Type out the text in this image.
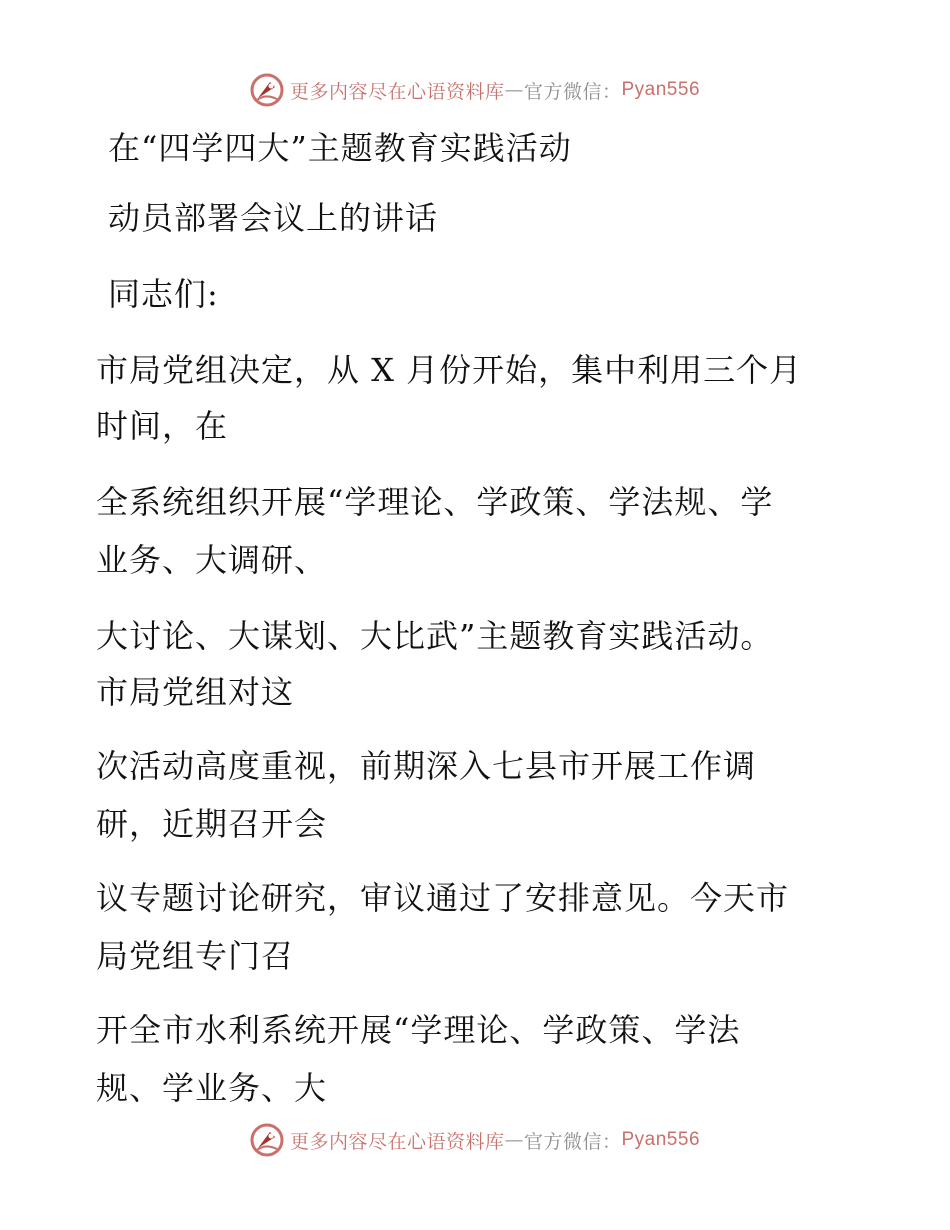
更多内容尽在心语资料库 — 官方微信： Pyan556
在“四学四大”主题教育实践活动
动员部署会议上的讲话
同志们:
市局党组决定，从 X 月份开始，集中利用三个月
时间，在
全系统组织开展“学理论、学政策、学法规、学
业务、大调研、
大讨论、大谋划、大比武”主题教育实践活动。
市局党组对这
次活动高度重视，前期深入七县市开展工作调
研，近期召开会
议专题讨论研究，审议通过了安排意见。今天市
局党组专门召
开全市水利系统开展“学理论、学政策、学法
规、学业务、大
更多内容尽在心语资料库 — 官方微信： Pyan556
